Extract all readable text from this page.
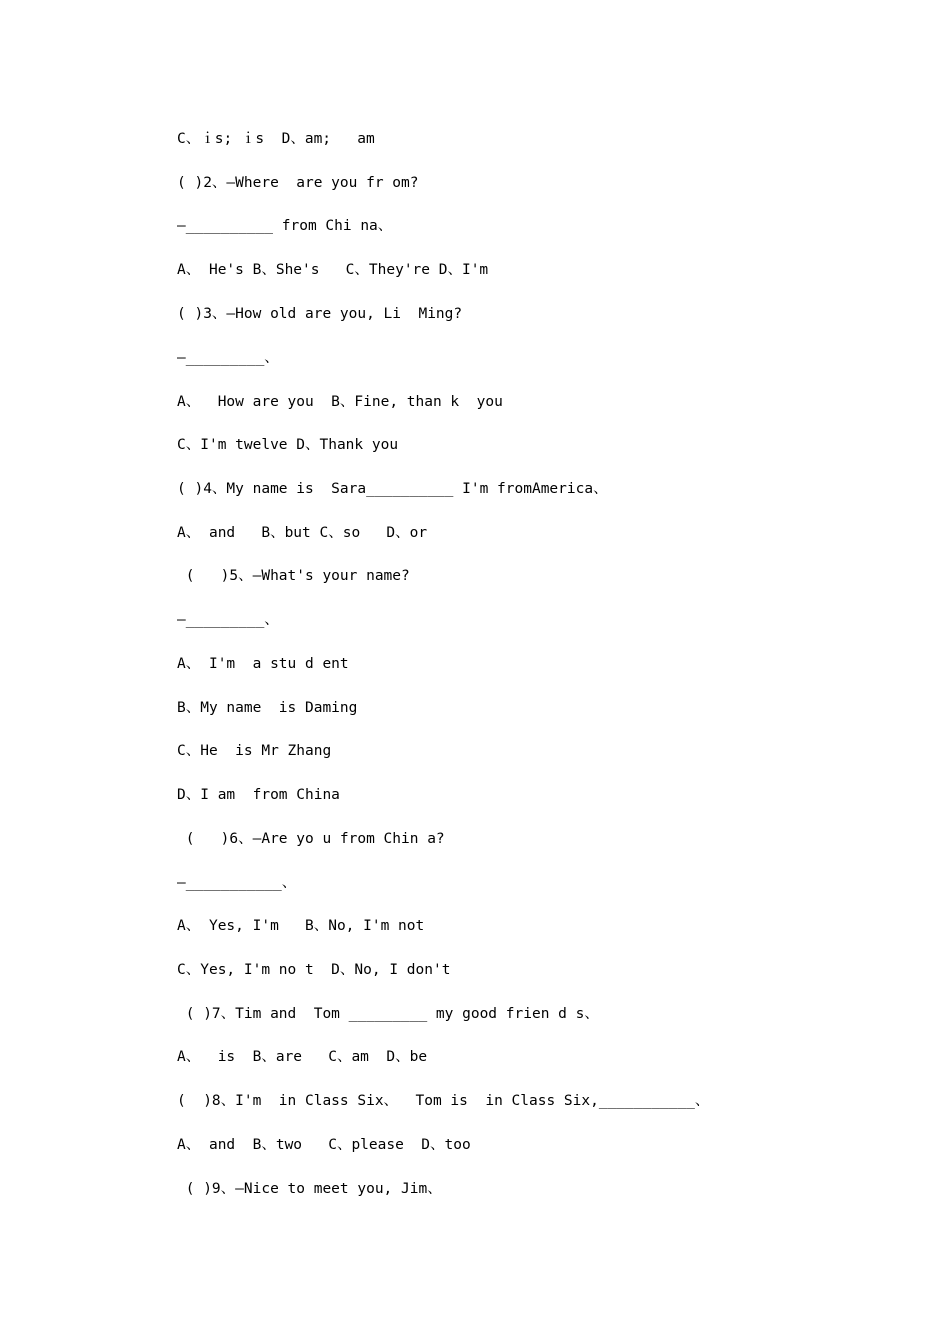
C、ｉs; ｉs  D、am;   am
( )2、—Where  are you fr om?
—__________ from Chi na、
A、 He's B、She's   C、They're D、I'm
( )3、—How old are you, Li  Ming?
—_________、
A、  How are you  B、Fine, than k  you
C、I'm twelve D、Thank you
( )4、My name is  Sara__________ I'm fromAmerica、
A、 and   B、but C、so   D、or
(   )5、—What's your name?
—_________、
A、 I'm  a stu d ent
B、My name  is Daming
C、He  is Mr Zhang
D、I am  from China
(   )6、—Are yo u from Chin a?
—___________、
A、 Yes, I'm   B、No, I'm not
C、Yes, I'm no t  D、No, I don't
( )7、Tim and  Tom _________ my good frien d s、
A、  is  B、are   C、am  D、be
(  )8、I'm  in Class Six、  Tom is  in Class Six,___________、
A、 and  B、two   C、please  D、too
( )9、—Nice to meet you, Jim、
